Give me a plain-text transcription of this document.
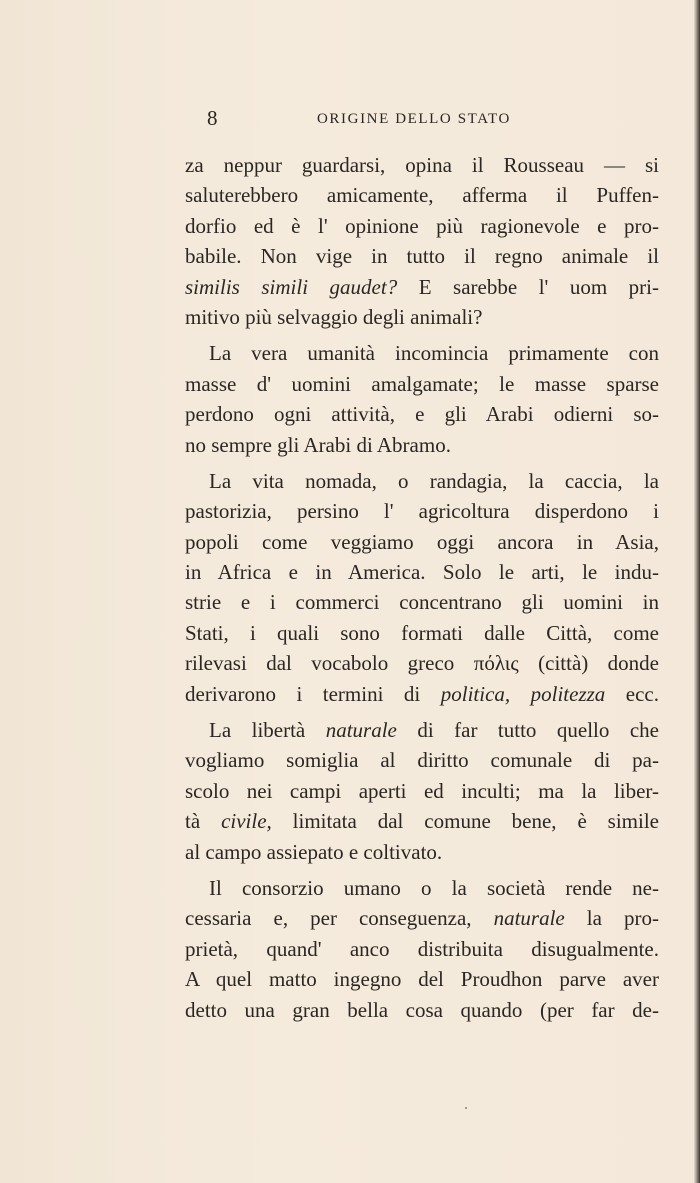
8	ORIGINE DELLO STATO
za neppur guardarsi, opina il Rousseau — si
saluterebbero amicamente, afferma il Puffen-
dorfio ed è l' opinione più ragionevole e pro-
babile. Non vige in tutto il regno animale il
similis simili gaudet? E sarebbe l' uom pri-
mitivo più selvaggio degli animali?
La vera umanità incomincia primamente con
masse d' uomini amalgamate; le masse sparse
perdono ogni attività, e gli Arabi odierni so-
no sempre gli Arabi di Abramo.
La vita nomada, o randagia, la caccia, la
pastorizia, persino l' agricoltura disperdono i
popoli come veggiamo oggi ancora in Asia,
in Africa e in America. Solo le arti, le indu-
strie e i commerci concentrano gli uomini in
Stati, i quali sono formati dalle Città, come
rilevasi dal vocabolo greco πόλις (città) donde
derivarono i termini di politica, politezza ecc.
La libertà naturale di far tutto quello che
vogliamo somiglia al diritto comunale di pa-
scolo nei campi aperti ed inculti; ma la liber-
tà civile, limitata dal comune bene, è simile
al campo assiepato e coltivato.
Il consorzio umano o la società rende ne-
cessaria e, per conseguenza, naturale la pro-
prietà, quand' anco distribuita disugualmente.
A quel matto ingegno del Proudhon parve aver
detto una gran bella cosa quando (per far de-
